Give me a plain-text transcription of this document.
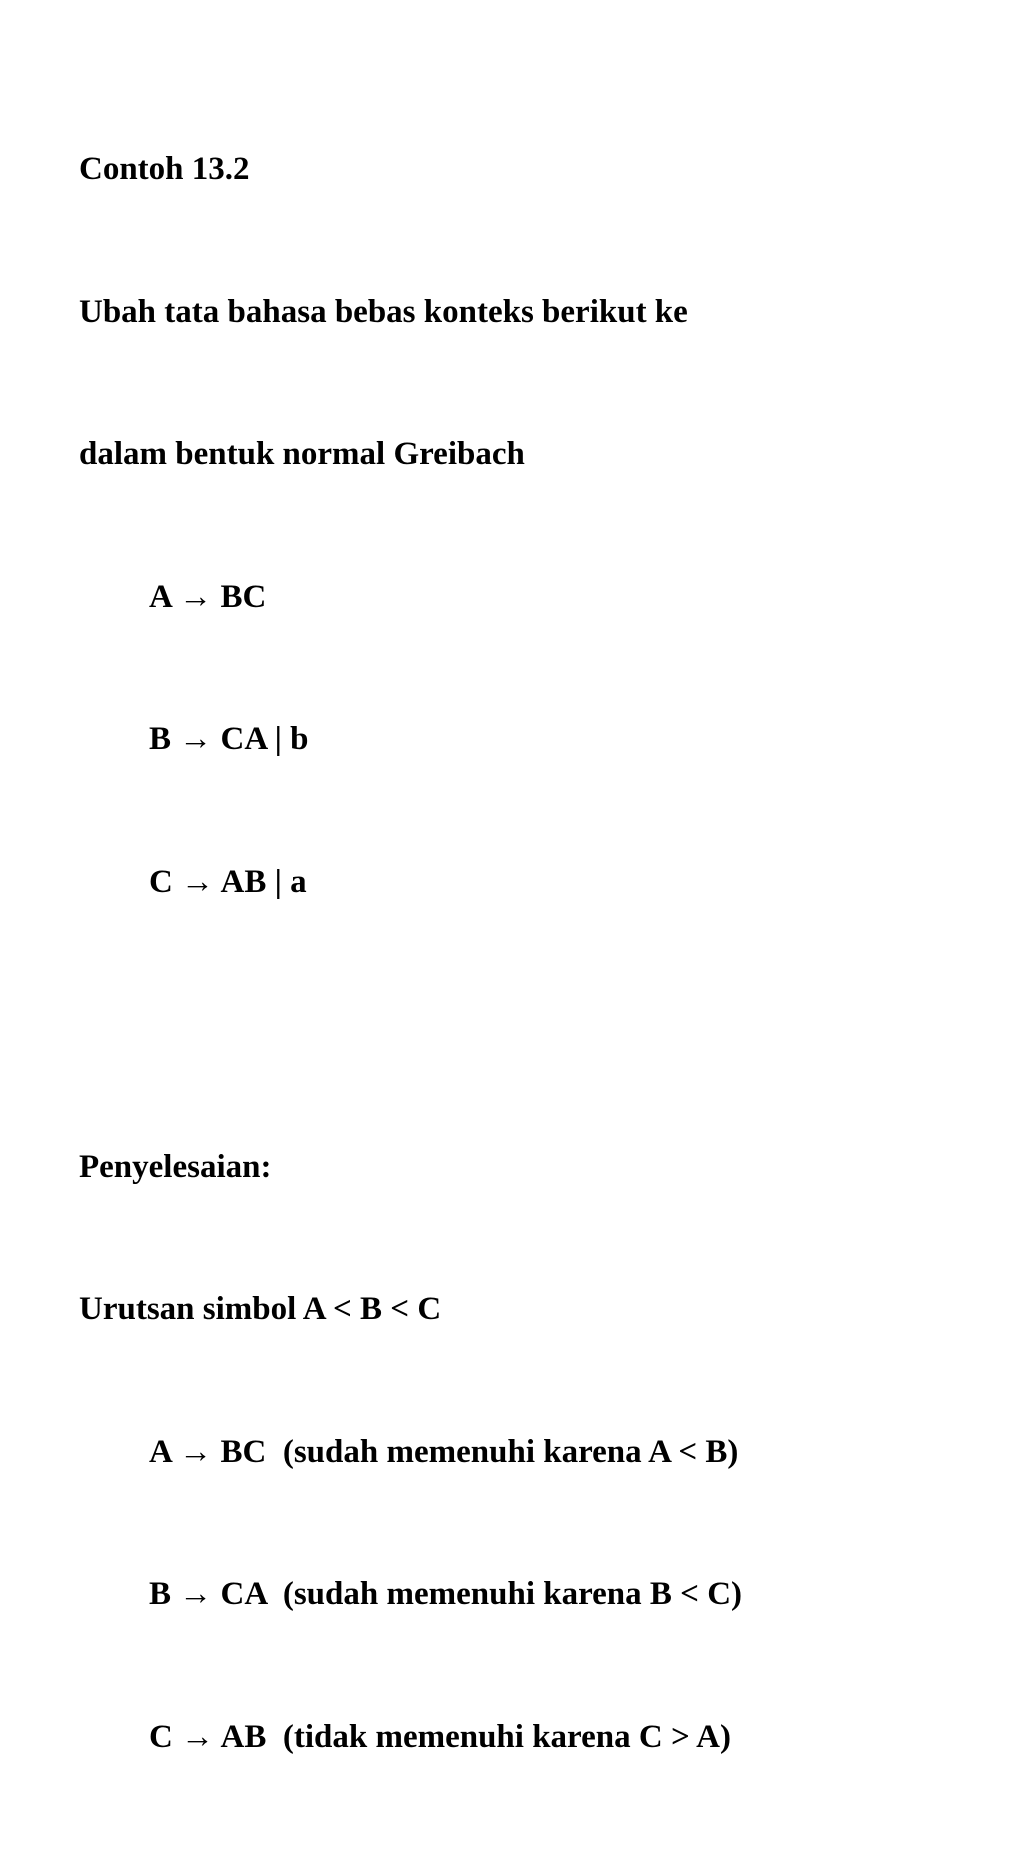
Contoh 13.2

Ubah tata bahasa bebas konteks berikut ke

dalam bentuk normal Greibach

A → BC

B → CA | b

C → AB | a

Penyelesaian:

Urutsan simbol A < B < C

A → BC  (sudah memenuhi karena A < B)

B → CA  (sudah memenuhi karena B < C)

C → AB  (tidak memenuhi karena C > A)
